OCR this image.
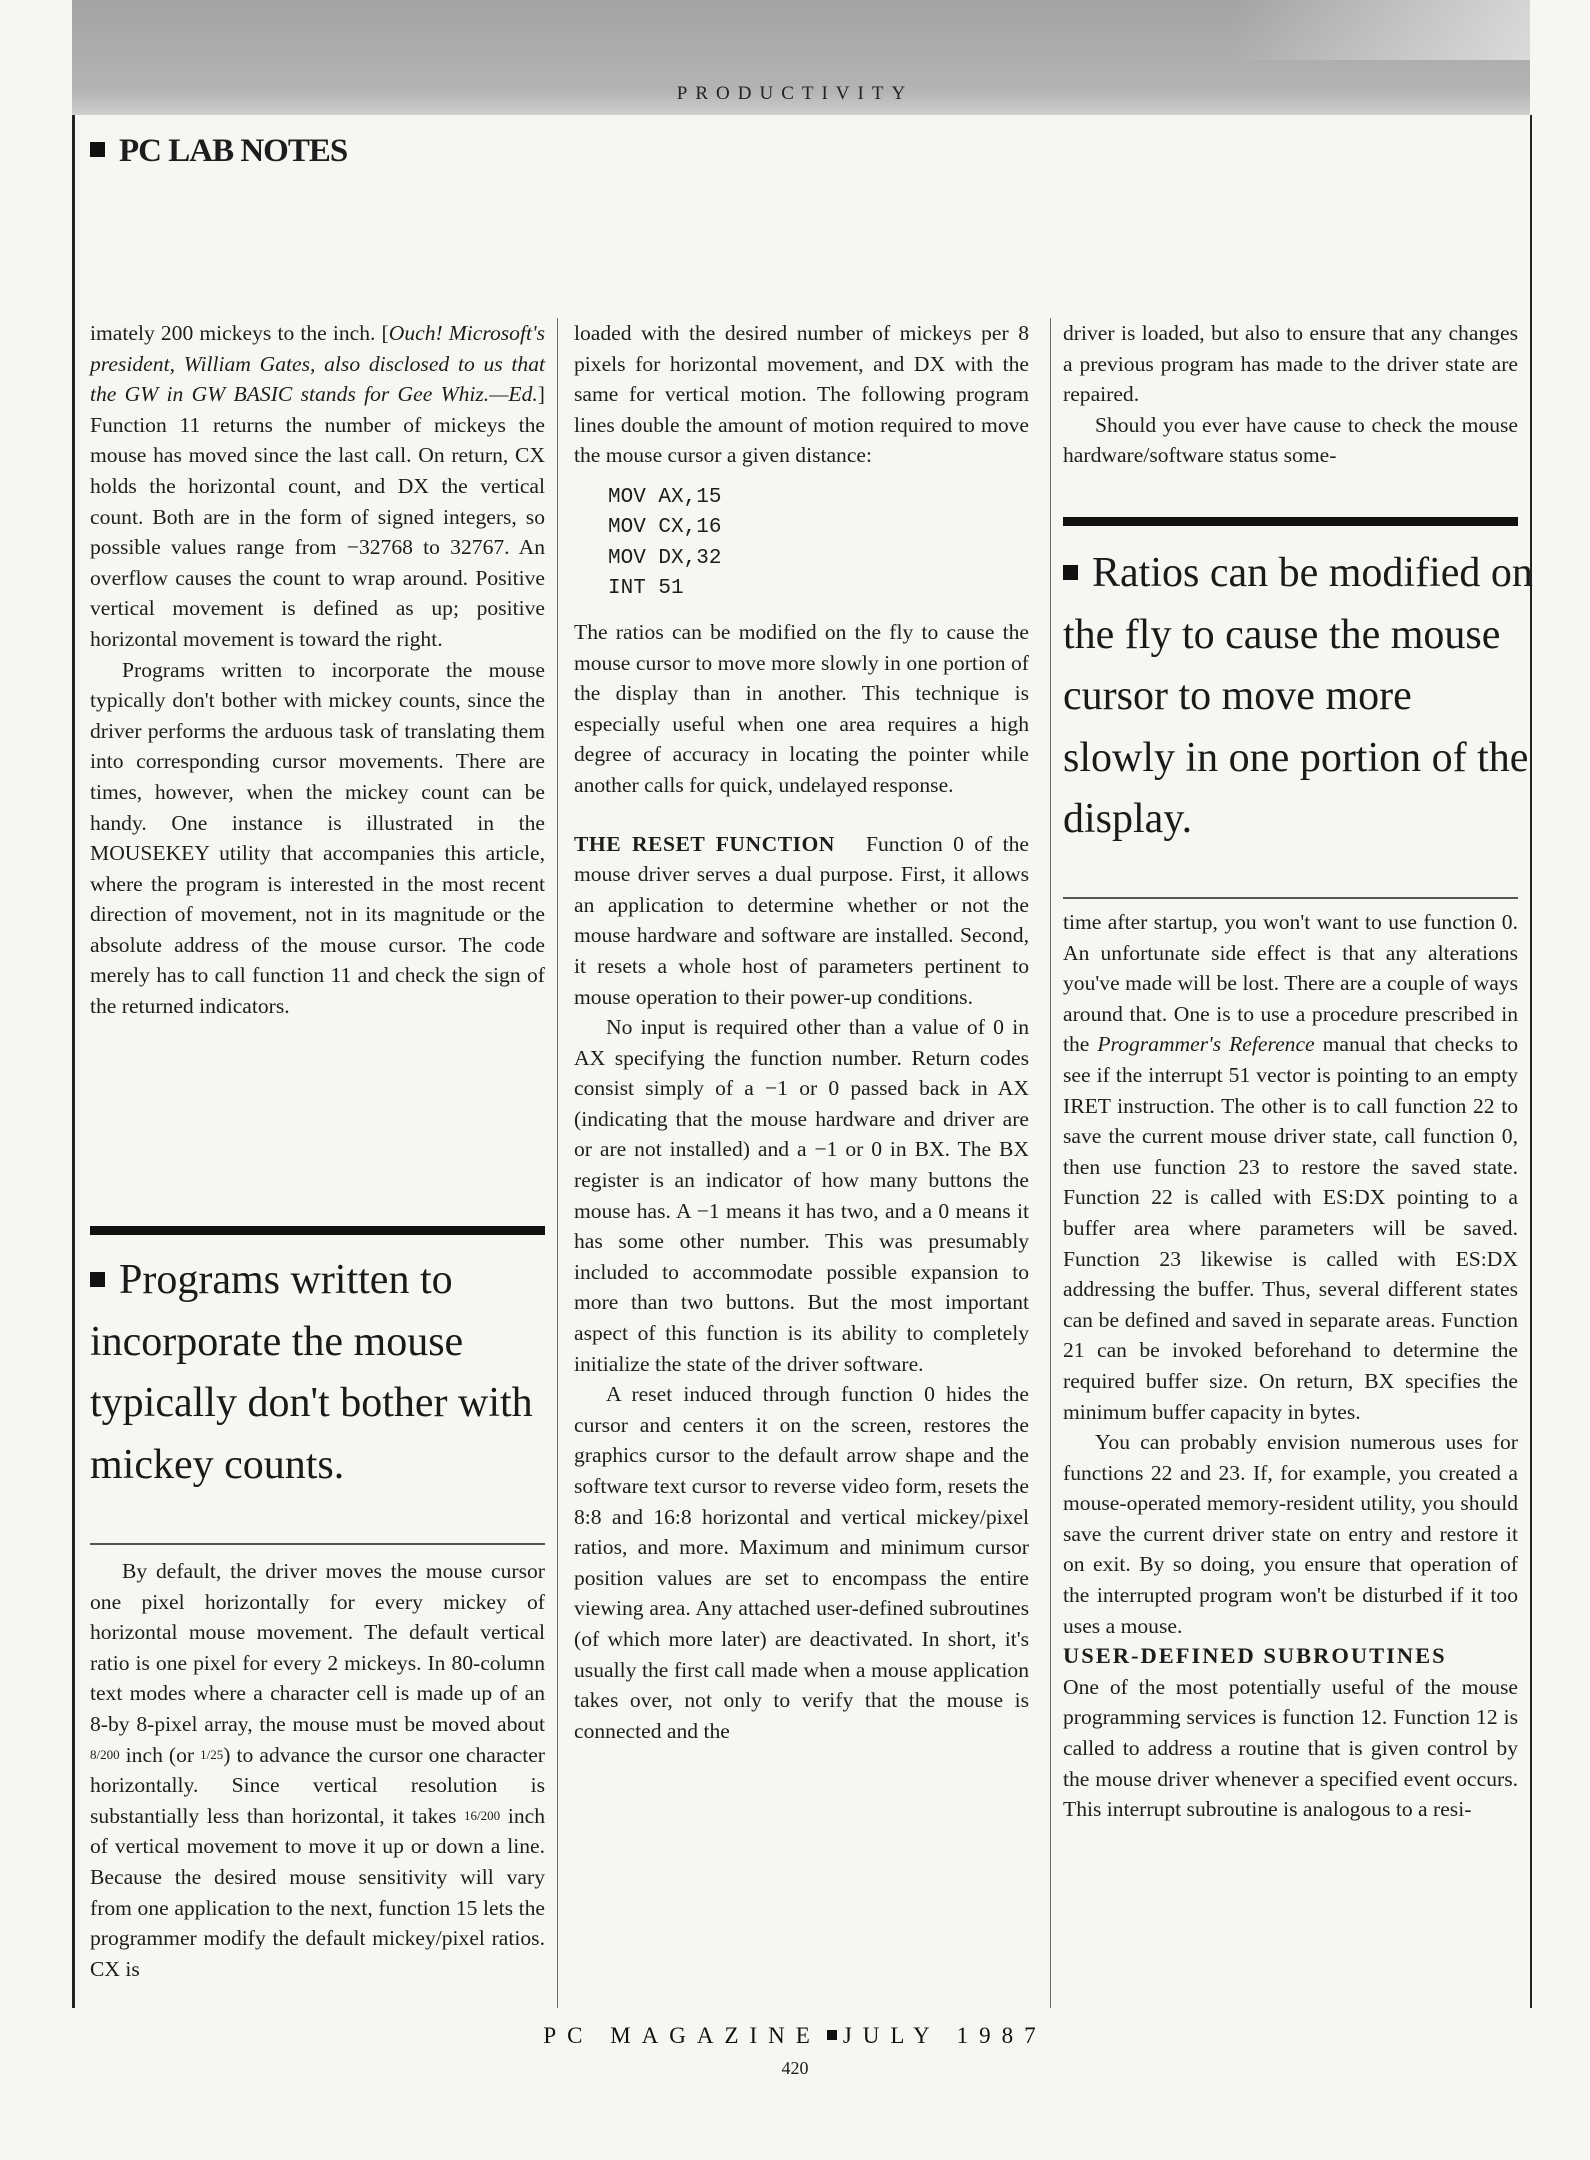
PRODUCTIVITY
PC LAB NOTES

imately 200 mickeys to the inch. [Ouch! Microsoft's president, William Gates, also disclosed to us that the GW in GW BASIC stands for Gee Whiz.—Ed.] Function 11 returns the number of mickeys the mouse has moved since the last call. On return, CX holds the horizontal count, and DX the vertical count. Both are in the form of signed integers, so possible values range from −32768 to 32767. An overflow causes the count to wrap around. Positive vertical movement is defined as up; positive horizontal movement is toward the right.

Programs written to incorporate the mouse typically don't bother with mickey counts, since the driver performs the arduous task of translating them into corresponding cursor movements. There are times, however, when the mickey count can be handy. One instance is illustrated in the MOUSEKEY utility that accompanies this article, where the program is interested in the most recent direction of movement, not in its magnitude or the absolute address of the mouse cursor. The code merely has to call function 11 and check the sign of the returned indicators.

Programs written to incorporate the mouse typically don't bother with mickey counts.

By default, the driver moves the mouse cursor one pixel horizontally for every mickey of horizontal mouse movement. The default vertical ratio is one pixel for every 2 mickeys. In 80-column text modes where a character cell is made up of an 8-by 8-pixel array, the mouse must be moved about 8/200 inch (or 1/25) to advance the cursor one character horizontally. Since vertical resolution is substantially less than horizontal, it takes 16/200 inch of vertical movement to move it up or down a line. Because the desired mouse sensitivity will vary from one application to the next, function 15 lets the programmer modify the default mickey/pixel ratios. CX is

loaded with the desired number of mickeys per 8 pixels for horizontal movement, and DX with the same for vertical motion. The following program lines double the amount of motion required to move the mouse cursor a given distance:

MOV AX,15
MOV CX,16
MOV DX,32
INT 51

The ratios can be modified on the fly to cause the mouse cursor to move more slowly in one portion of the display than in another. This technique is especially useful when one area requires a high degree of accuracy in locating the pointer while another calls for quick, undelayed response.

THE RESET FUNCTION Function 0 of the mouse driver serves a dual purpose. First, it allows an application to determine whether or not the mouse hardware and software are installed. Second, it resets a whole host of parameters pertinent to mouse operation to their power-up conditions.

No input is required other than a value of 0 in AX specifying the function number. Return codes consist simply of a −1 or 0 passed back in AX (indicating that the mouse hardware and driver are or are not installed) and a −1 or 0 in BX. The BX register is an indicator of how many buttons the mouse has. A −1 means it has two, and a 0 means it has some other number. This was presumably included to accommodate possible expansion to more than two buttons. But the most important aspect of this function is its ability to completely initialize the state of the driver software.

A reset induced through function 0 hides the cursor and centers it on the screen, restores the graphics cursor to the default arrow shape and the software text cursor to reverse video form, resets the 8:8 and 16:8 horizontal and vertical mickey/pixel ratios, and more. Maximum and minimum cursor position values are set to encompass the entire viewing area. Any attached user-defined subroutines (of which more later) are deactivated. In short, it's usually the first call made when a mouse application takes over, not only to verify that the mouse is connected and the

driver is loaded, but also to ensure that any changes a previous program has made to the driver state are repaired.

Should you ever have cause to check the mouse hardware/software status some-

Ratios can be modified on the fly to cause the mouse cursor to move more slowly in one portion of the display.

time after startup, you won't want to use function 0. An unfortunate side effect is that any alterations you've made will be lost. There are a couple of ways around that. One is to use a procedure prescribed in the Programmer's Reference manual that checks to see if the interrupt 51 vector is pointing to an empty IRET instruction. The other is to call function 22 to save the current mouse driver state, call function 0, then use function 23 to restore the saved state. Function 22 is called with ES:DX pointing to a buffer area where parameters will be saved. Function 23 likewise is called with ES:DX addressing the buffer. Thus, several different states can be defined and saved in separate areas. Function 21 can be invoked beforehand to determine the required buffer size. On return, BX specifies the minimum buffer capacity in bytes.

You can probably envision numerous uses for functions 22 and 23. If, for example, you created a mouse-operated memory-resident utility, you should save the current driver state on entry and restore it on exit. By so doing, you ensure that operation of the interrupted program won't be disturbed if it too uses a mouse.

USER-DEFINED SUBROUTINES

One of the most potentially useful of the mouse programming services is function 12. Function 12 is called to address a routine that is given control by the mouse driver whenever a specified event occurs. This interrupt subroutine is analogous to a resi-

PC MAGAZINE JULY 1987
420
